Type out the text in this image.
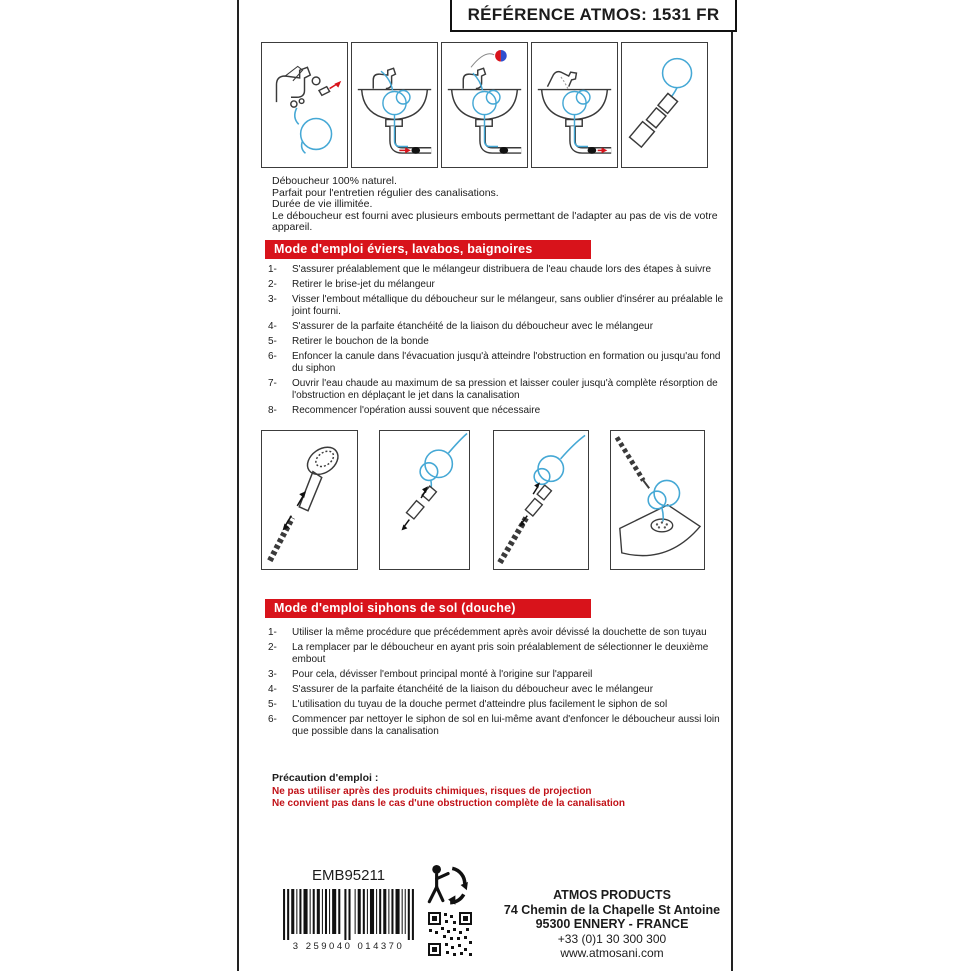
RÉFÉRENCE ATMOS: 1531 FR
Déboucheur 100% naturel.
Parfait pour l'entretien régulier des canalisations.
Durée de vie illimitée.
Le déboucheur est fourni avec plusieurs embouts permettant de l'adapter au pas de vis de votre appareil.
Mode d'emploi éviers, lavabos, baignoires
1-	S'assurer préalablement que le mélangeur distribuera de l'eau chaude lors des étapes à suivre
2-	Retirer le brise-jet du mélangeur
3-	Visser l'embout métallique du déboucheur sur le mélangeur, sans oublier d'insérer au préalable le joint fourni.
4-	S'assurer de la parfaite étanchéité de la liaison du déboucheur avec le mélangeur
5-	Retirer le bouchon de la bonde
6-	Enfoncer la canule dans l'évacuation jusqu'à atteindre l'obstruction en formation ou jusqu'au fond du siphon
7-	Ouvrir l'eau chaude au maximum de sa pression et laisser couler jusqu'à complète résorption de l'obstruction en déplaçant le jet dans la canalisation
8-	Recommencer l'opération aussi souvent que nécessaire
Mode d'emploi siphons de sol (douche)
1-	Utiliser la même procédure que précédemment après avoir dévissé la douchette de son tuyau
2-	La remplacer par le déboucheur en ayant pris soin préalablement de sélectionner le deuxième embout
3-	Pour cela, dévisser l'embout principal monté à l'origine sur l'appareil
4-	S'assurer de la parfaite étanchéité de la liaison du déboucheur avec le mélangeur
5-	L'utilisation du tuyau de la douche permet d'atteindre plus facilement le siphon de sol
6-	Commencer par nettoyer le siphon de sol en lui-même avant d'enfoncer le déboucheur aussi loin que possible dans la canalisation
Précaution d'emploi :
Ne pas utiliser après des produits chimiques, risques de projection
Ne convient pas dans le cas d'une obstruction complète de la canalisation
EMB95211
3 259040 014370
ATMOS PRODUCTS
74 Chemin de la Chapelle St Antoine
95300 ENNERY - FRANCE
+33 (0)1 30 300 300
www.atmosani.com
